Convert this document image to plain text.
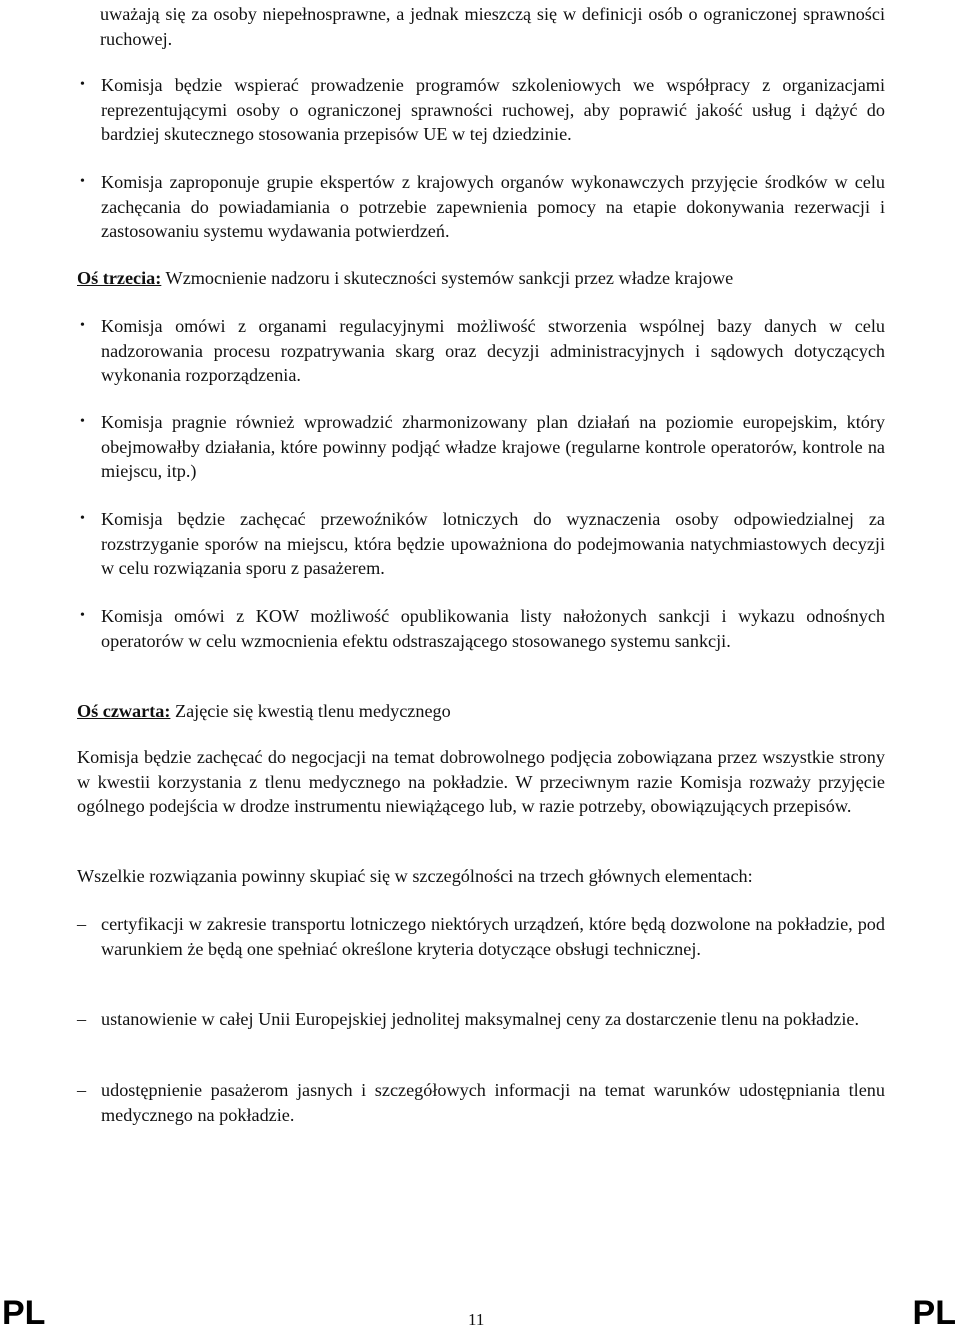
uważają się za osoby niepełnosprawne, a jednak mieszczą się w definicji osób o ograniczonej sprawności ruchowej.

• Komisja będzie wspierać prowadzenie programów szkoleniowych we współpracy z organizacjami reprezentującymi osoby o ograniczonej sprawności ruchowej, aby poprawić jakość usług i dążyć do bardziej skutecznego stosowania przepisów UE w tej dziedzinie.
• Komisja zaproponuje grupie ekspertów z krajowych organów wykonawczych przyjęcie środków w celu zachęcania do powiadamiania o potrzebie zapewnienia pomocy na etapie dokonywania rezerwacji i zastosowaniu systemu wydawania potwierdzeń.
Oś trzecia: Wzmocnienie nadzoru i skuteczności systemów sankcji przez władze krajowe
• Komisja omówi z organami regulacyjnymi możliwość stworzenia wspólnej bazy danych w celu nadzorowania procesu rozpatrywania skarg oraz decyzji administracyjnych i sądowych dotyczących wykonania rozporządzenia.
• Komisja pragnie również wprowadzić zharmonizowany plan działań na poziomie europejskim, który obejmowałby działania, które powinny podjąć władze krajowe (regularne kontrole operatorów, kontrole na miejscu, itp.)
• Komisja będzie zachęcać przewoźników lotniczych do wyznaczenia osoby odpowiedzialnej za rozstrzyganie sporów na miejscu, która będzie upoważniona do podejmowania natychmiastowych decyzji w celu rozwiązania sporu z pasażerem.
• Komisja omówi z KOW możliwość opublikowania listy nałożonych sankcji i wykazu odnośnych operatorów w celu wzmocnienia efektu odstraszającego stosowanego systemu sankcji.
Oś czwarta: Zajęcie się kwestią tlenu medycznego

Komisja będzie zachęcać do negocjacji na temat dobrowolnego podjęcia zobowiązana przez wszystkie strony w kwestii korzystania z tlenu medycznego na pokładzie. W przeciwnym razie Komisja rozważy przyjęcie ogólnego podejścia w drodze instrumentu niewiążącego lub, w razie potrzeby, obowiązujących przepisów.

Wszelkie rozwiązania powinny skupiać się w szczególności na trzech głównych elementach:

– certyfikacji w zakresie transportu lotniczego niektórych urządzeń, które będą dozwolone na pokładzie, pod warunkiem że będą one spełniać określone kryteria dotyczące obsługi technicznej.
– ustanowienie w całej Unii Europejskiej jednolitej maksymalnej ceny za dostarczenie tlenu na pokładzie.
– udostępnienie pasażerom jasnych i szczegółowych informacji na temat warunków udostępniania tlenu medycznego na pokładzie.
PL	11	PL
